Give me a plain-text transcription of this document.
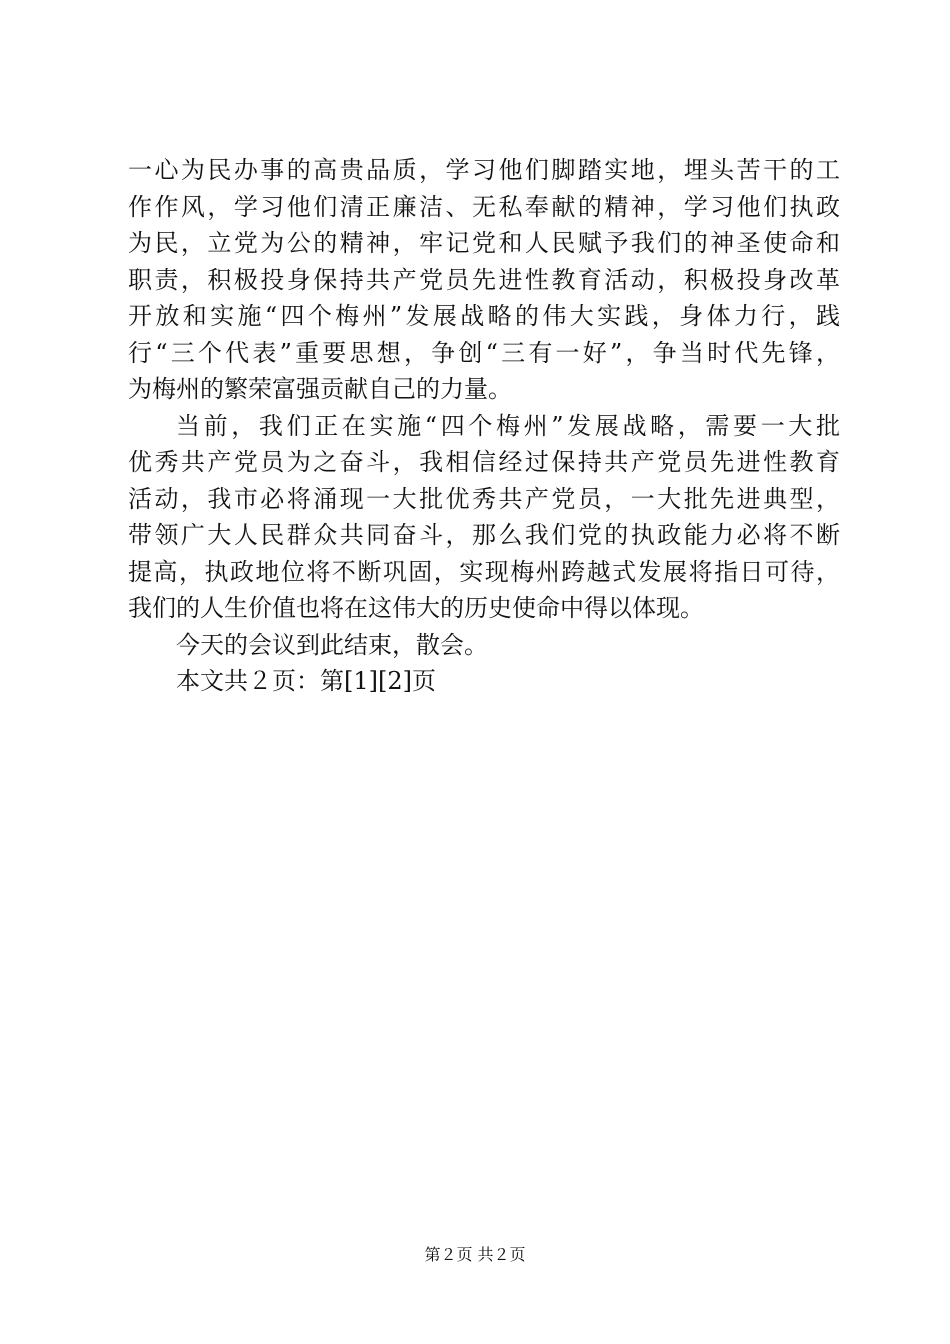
一心为民办事的高贵品质，学习他们脚踏实地，埋头苦干的工
作作风，学习他们清正廉洁、无私奉献的精神，学习他们执政
为民，立党为公的精神，牢记党和人民赋予我们的神圣使命和
职责，积极投身保持共产党员先进性教育活动，积极投身改革
开放和实施“四个梅州”发展战略的伟大实践，身体力行，践
行“三个代表”重要思想，争创“三有一好”，争当时代先锋，
为梅州的繁荣富强贡献自己的力量。
当前，我们正在实施“四个梅州”发展战略，需要一大批
优秀共产党员为之奋斗，我相信经过保持共产党员先进性教育
活动，我市必将涌现一大批优秀共产党员，一大批先进典型，
带领广大人民群众共同奋斗，那么我们党的执政能力必将不断
提高，执政地位将不断巩固，实现梅州跨越式发展将指日可待，
我们的人生价值也将在这伟大的历史使命中得以体现。
今天的会议到此结束，散会。
本文共２页：第[1][2]页
第２页 共２页
